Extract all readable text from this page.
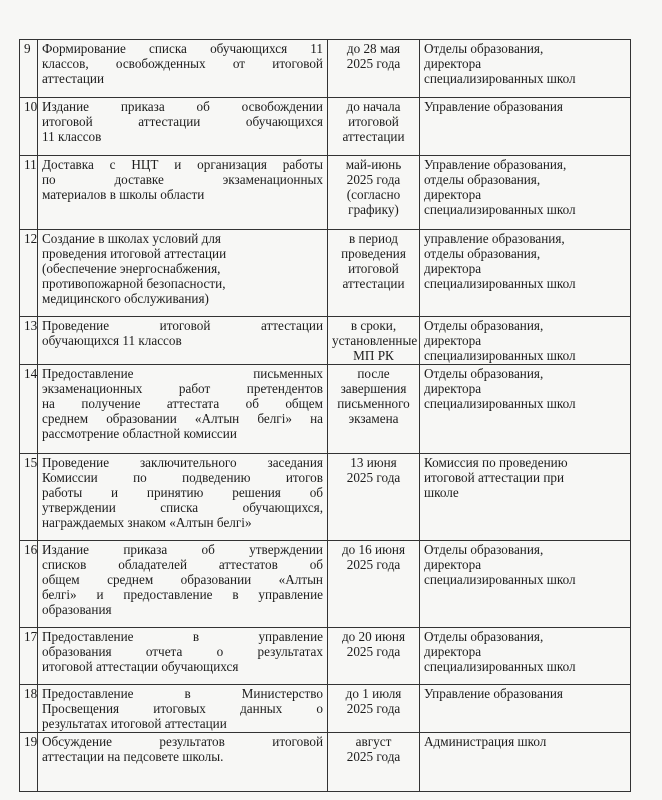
9	Формирование списка обучающихся 11
классов, освобожденных от итоговой
аттестации	до 28 мая
2025 года	Отделы образования,
директора
специализированных школ

10	Издание приказа об освобождении
итоговой аттестации обучающихся
11 классов	до начала
итоговой
аттестации	Управление образования

11	Доставка с НЦТ и организация работы
по доставке экзаменационных
материалов в школы области	май-июнь
2025 года
(согласно
графику)	Управление образования,
отделы образования,
директора
специализированных школ

12	Создание в школах условий для
проведения итоговой аттестации
(обеспечение энергоснабжения,
противопожарной безопасности,
медицинского обслуживания)	в период
проведения
итоговой
аттестации	управление образования,
отделы образования,
директора
специализированных школ

13	Проведение итоговой аттестации
обучающихся 11 классов	в сроки,
установленные
МП РК	Отделы образования,
директора
специализированных школ

14	Предоставление письменных
экзаменационных работ претендентов
на получение аттестата об общем
среднем образовании «Алтын белгі» на
рассмотрение областной комиссии	после
завершения
письменного
экзамена	Отделы образования,
директора
специализированных школ

15	Проведение заключительного заседания
Комиссии по подведению итогов
работы и принятию решения об
утверждении списка обучающихся,
награждаемых знаком «Алтын белгі»	13 июня
2025 года	Комиссия по проведению
итоговой аттестации при
школе

16	Издание приказа об утверждении
списков обладателей аттестатов об
общем среднем образовании «Алтын
белгі» и предоставление в управление
образования	до 16 июня
2025 года	Отделы образования,
директора
специализированных школ

17	Предоставление в управление
образования отчета о результатах
итоговой аттестации обучающихся	до 20 июня
2025 года	Отделы образования,
директора
специализированных школ

18	Предоставление в Министерство
Просвещения итоговых данных о
результатах итоговой аттестации	до 1 июля
2025 года	Управление образования

19	Обсуждение результатов итоговой
аттестации на педсовете школы.	август
2025 года	Администрация школ
